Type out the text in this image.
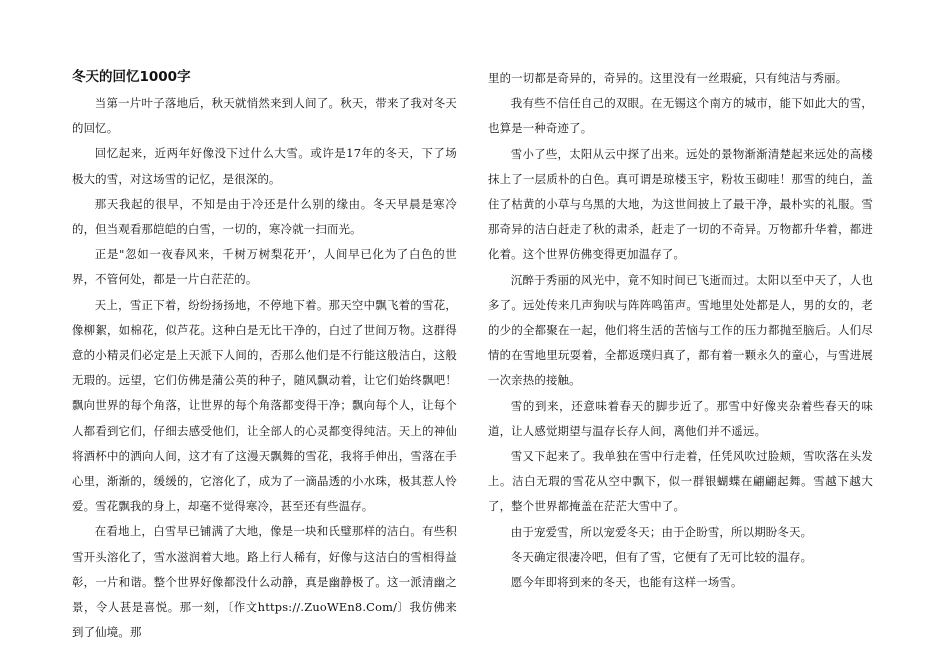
冬天的回忆1000字

当第一片叶子落地后，秋天就悄然来到人间了。秋天，带来了我对冬天的回忆。

回忆起来，近两年好像没下过什么大雪。或许是17年的冬天，下了场极大的雪，对这场雪的记忆，是很深的。

那天我起的很早，不知是由于冷还是什么别的缘由。冬天早晨是寒冷的，但当观看那皑皑的白雪，一切的，寒冷就一扫而光。

正是"忽如一夜春风来，千树万树梨花开’，人间早已化为了白色的世界，不管何处，都是一片白茫茫的。

天上，雪正下着，纷纷扬扬地，不停地下着。那天空中飘飞着的雪花，像柳絮，如棉花，似芦花。这种白是无比干净的，白过了世间万物。这群得意的小精灵们必定是上天派下人间的，否那么他们是不行能这般洁白，这般无瑕的。远望，它们仿佛是蒲公英的种子，随风飘动着，让它们始终飘吧！飘向世界的每个角落，让世界的每个角落都变得干净；飘向每个人，让每个人都看到它们，仔细去感受他们，让全部人的心灵都变得纯洁。天上的神仙将酒杯中的洒向人间，这才有了这漫天飘舞的雪花，我将手伸出，雪落在手心里，渐渐的，缓缓的，它溶化了，成为了一滴晶透的小水珠，极其惹人怜爱。雪花飘我的身上，却毫不觉得寒冷，甚至还有些温存。

在看地上，白雪早已铺满了大地，像是一块和氏璧那样的洁白。有些积雪开头溶化了，雪水滋润着大地。路上行人稀有，好像与这洁白的雪相得益彰，一片和谐。整个世界好像都没什么动静，真是幽静极了。这一派清幽之景，令人甚是喜悦。那一刻，〔作文https://.ZuoWEn8.Com/〕我仿佛来到了仙境。那

里的一切都是奇异的，奇异的。这里没有一丝瑕疵，只有纯洁与秀丽。

我有些不信任自己的双眼。在无锡这个南方的城市，能下如此大的雪，也算是一种奇迹了。

雪小了些，太阳从云中探了出来。远处的景物渐渐清楚起来远处的高楼抹上了一层质朴的白色。真可谓是琼楼玉宇，粉妆玉砌哇！那雪的纯白，盖住了枯黄的小草与乌黑的大地，为这世间披上了最干净，最朴实的礼服。雪那奇异的洁白赶走了秋的肃杀，赶走了一切的不奇异。万物都升华着，都进化着。这个世界仿佛变得更加温存了。

沉醉于秀丽的风光中，竟不知时间已飞逝而过。太阳以至中天了，人也多了。远处传来几声狗吠与阵阵鸣笛声。雪地里处处都是人，男的女的，老的少的全都聚在一起，他们将生活的苦恼与工作的压力都抛至脑后。人们尽情的在雪地里玩耍着，全都返璞归真了，都有着一颗永久的童心，与雪进展一次亲热的接触。

雪的到来，还意味着春天的脚步近了。那雪中好像夹杂着些春天的味道，让人感觉期望与温存长存人间，离他们并不遥远。

雪又下起来了。我单独在雪中行走着，任凭风吹过脸颊，雪吹落在头发上。洁白无瑕的雪花从空中飘下，似一群银蝴蝶在翩翩起舞。雪越下越大了，整个世界都掩盖在茫茫大雪中了。

由于宠爱雪，所以宠爱冬天；由于企盼雪，所以期盼冬天。

冬天确定很凄冷吧，但有了雪，它便有了无可比较的温存。

愿今年即将到来的冬天，也能有这样一场雪。
